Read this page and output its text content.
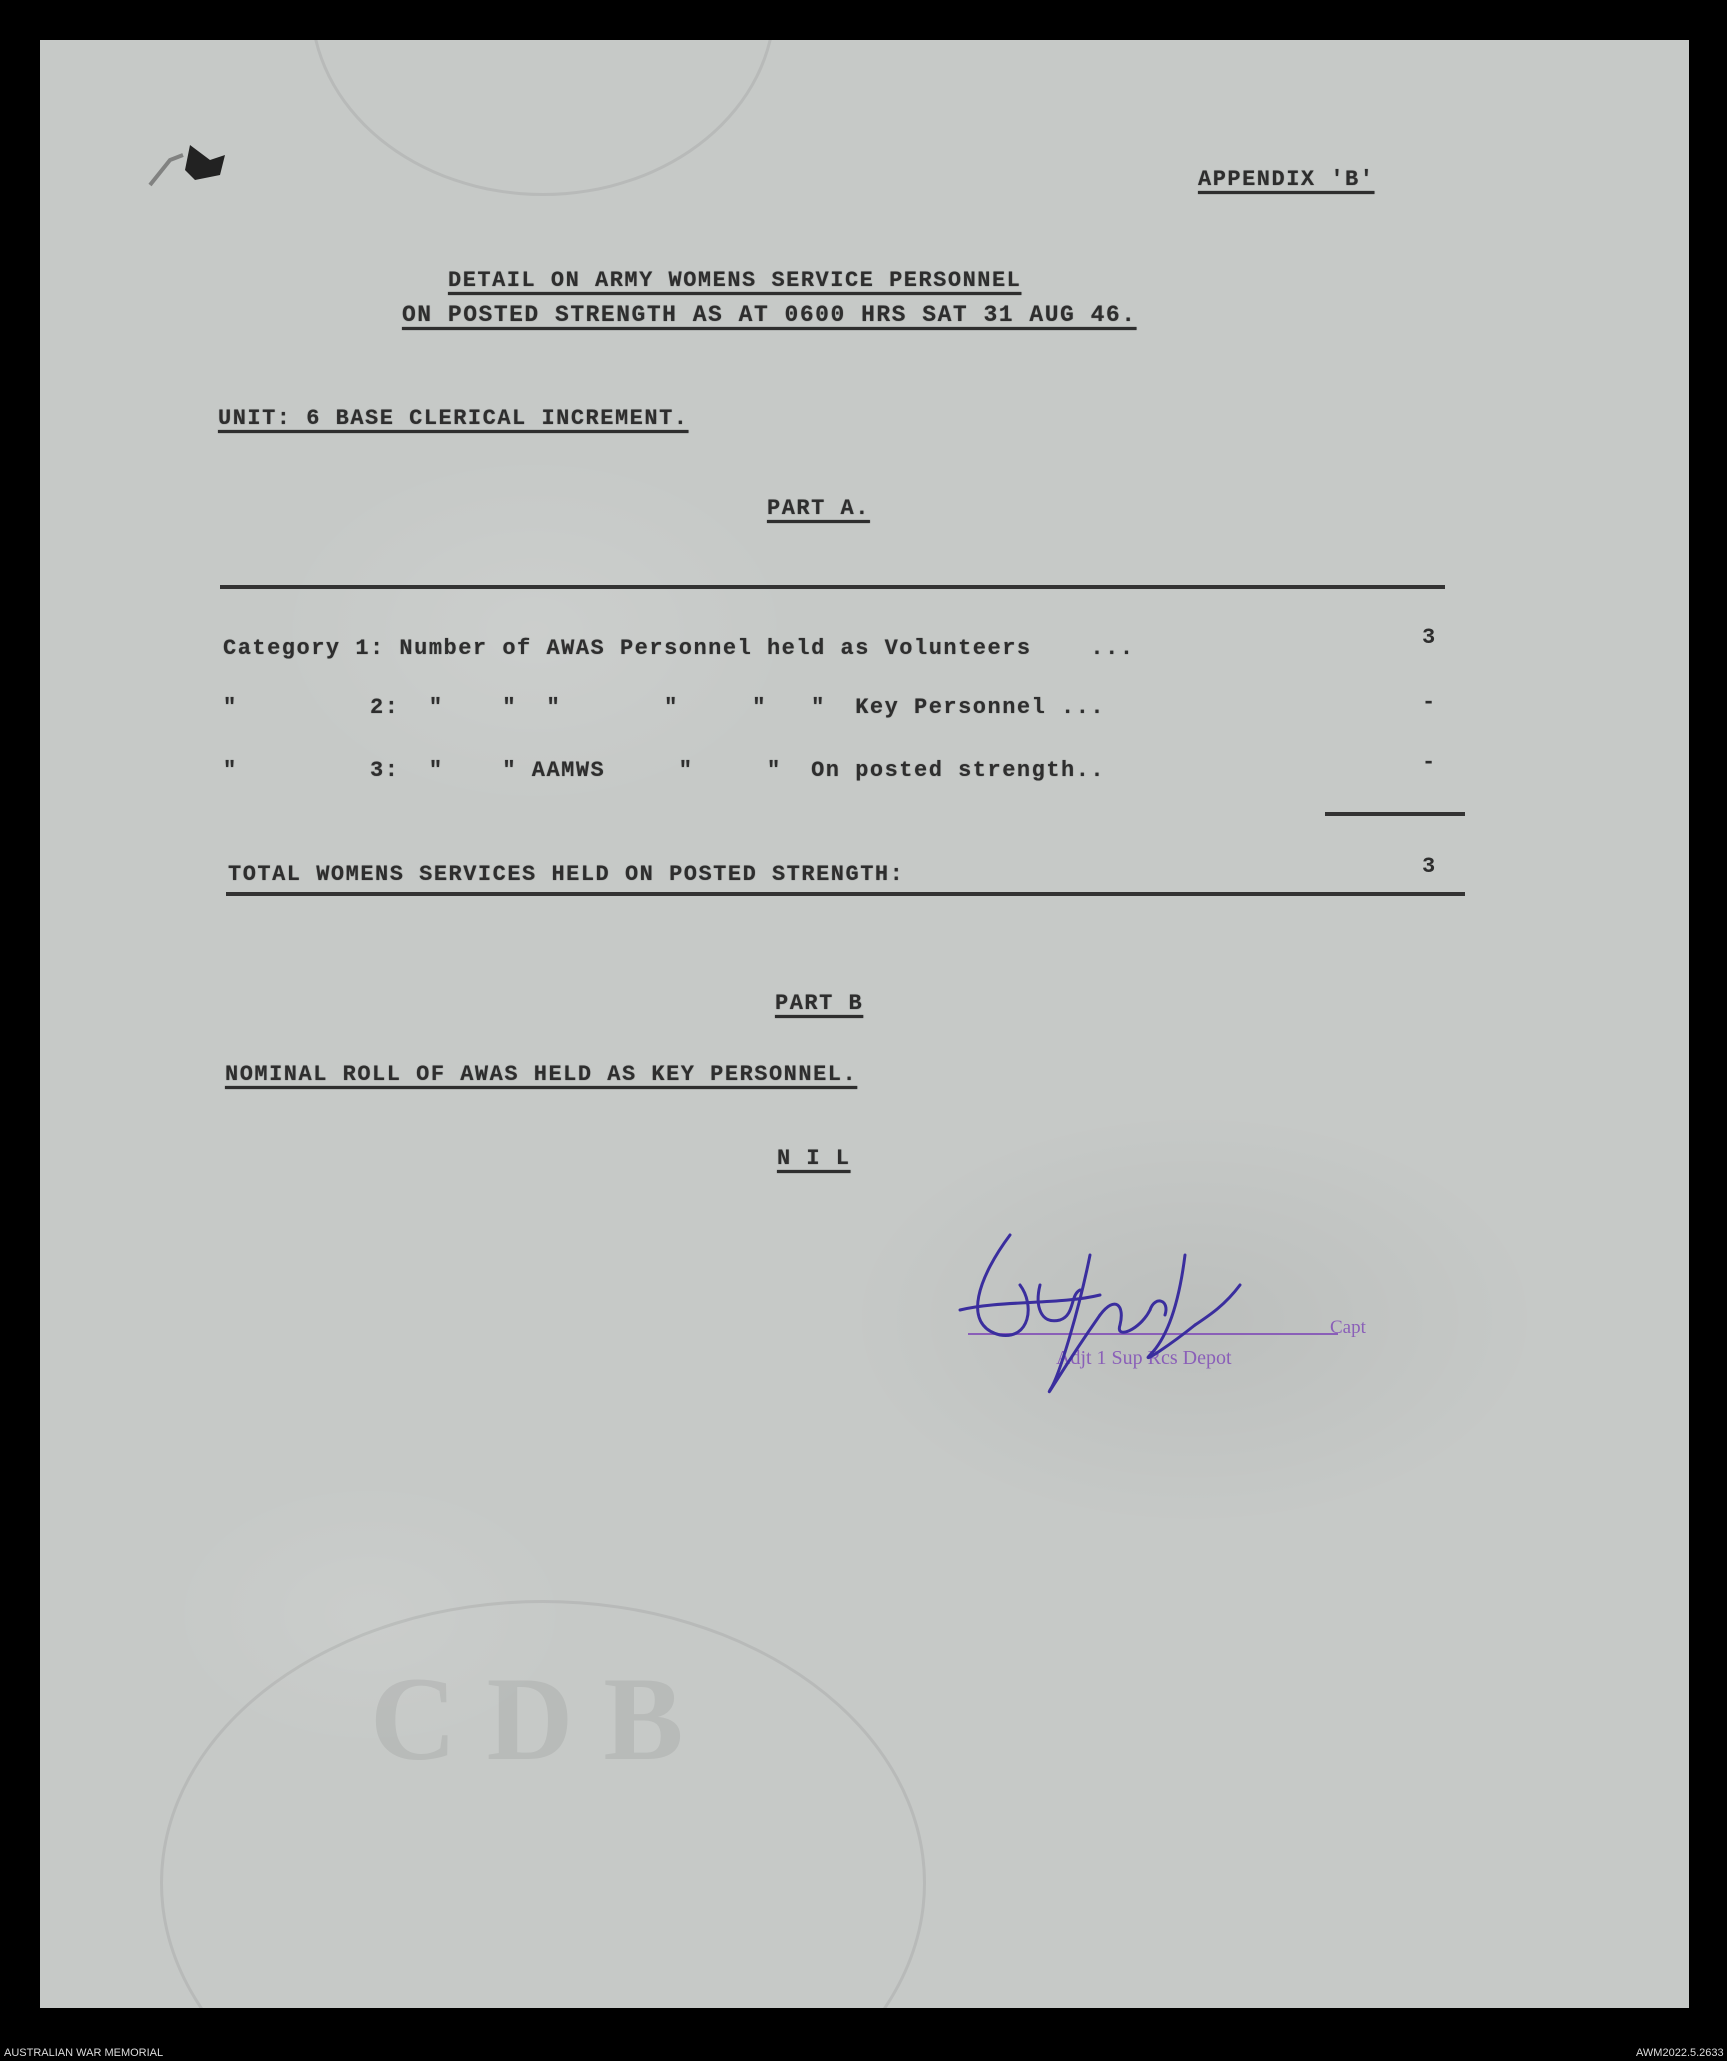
C D B
APPENDIX 'B'
DETAIL ON ARMY WOMENS SERVICE PERSONNEL
ON POSTED STRENGTH AS AT 0600 HRS SAT 31 AUG 46.
UNIT: 6 BASE CLERICAL INCREMENT.
PART A.
Category 1: Number of AWAS Personnel held as Volunteers    ...	3
"         2:  "    "  "       "     "   "  Key Personnel ...	-
"         3:  "    " AAMWS     "     "  On posted strength..	-
TOTAL WOMENS SERVICES HELD ON POSTED STRENGTH:	3
PART B
NOMINAL ROLL OF AWAS HELD AS KEY PERSONNEL.
N I L
Capt
Adjt 1 Sup Rcs Depot
AUSTRALIAN WAR MEMORIAL	AWM2022.5.2633
